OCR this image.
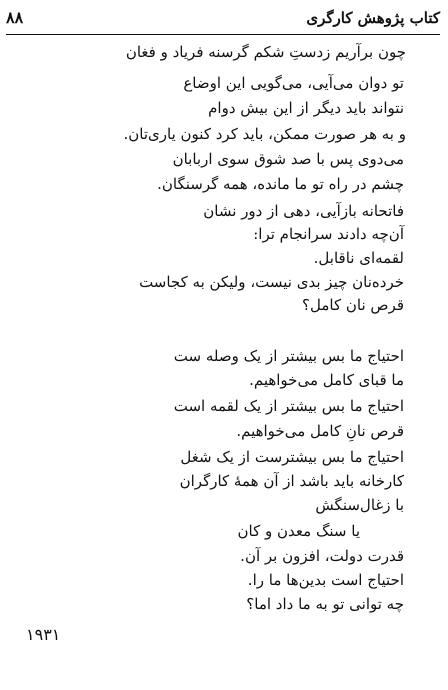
کتاب پژوهش کارگری
۸۸
چون برآریم زدستِ شکم گرسنه فریاد و فغان
تو دوان می‌آیی، می‌گویی این اوضاع
نتواند باید دیگر از این بیش دوام
و به هر صورت ممکن، باید کرد کنون یاری‌تان.
می‌دوی پس با صد شوق سوی اربابان
چشم در راه تو ما مانده، همه گرسنگان.
فاتحانه بازآیی، دهی از دور نشان
آن‌چه دادند سرانجام ترا:
لقمه‌ای ناقابل.
خرده‌نان چیز بدی نیست، ولیکن به کجاست
قرص نان کامل؟
احتیاج ما بس بیشتر از یک وصله ست
ما قبای کامل می‌خواهیم.
احتیاج ما بس بیشتر از یک لقمه است
قرص نانِ کامل می‌خواهیم.
احتیاج ما بس بیشترست از یک شغل
کارخانه باید باشد از آن همهٔ کارگران
با زغال‌سنگش
یا سنگ معدن و کان
قدرت دولت، افزون بر آن.
احتیاج است بدین‌ها ما را.
چه توانی تو به ما داد اما؟
۱۹۳۱
